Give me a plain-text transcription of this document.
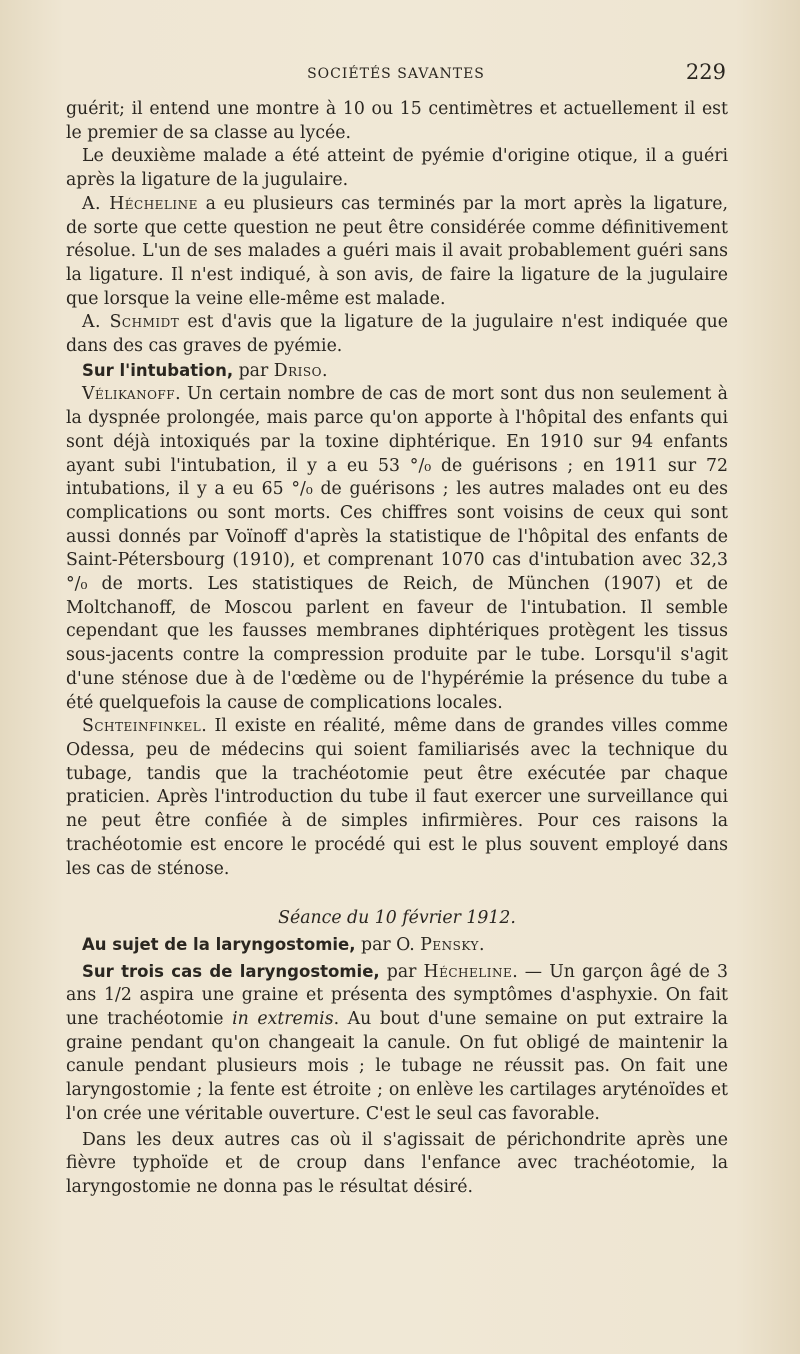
SOCIÉTÉS SAVANTES	229

guérit; il entend une montre à 10 ou 15 centimètres et actuellement il est le premier de sa classe au lycée.

Le deuxième malade a été atteint de pyémie d'origine otique, il a guéri après la ligature de la jugulaire.

A. Hécheline a eu plusieurs cas terminés par la mort après la ligature, de sorte que cette question ne peut être considérée comme définitivement résolue. L'un de ses malades a guéri mais il avait probablement guéri sans la ligature. Il n'est indiqué, à son avis, de faire la ligature de la jugulaire que lorsque la veine elle-même est malade.

A. Schmidt est d'avis que la ligature de la jugulaire n'est indiquée que dans des cas graves de pyémie.

Sur l'intubation, par Driso.

Vélikanoff. Un certain nombre de cas de mort sont dus non seulement à la dyspnée prolongée, mais parce qu'on apporte à l'hôpital des enfants qui sont déjà intoxiqués par la toxine diphtérique. En 1910 sur 94 enfants ayant subi l'intubation, il y a eu 53 °/₀ de guérisons ; en 1911 sur 72 intubations, il y a eu 65 °/₀ de guérisons ; les autres malades ont eu des complications ou sont morts. Ces chiffres sont voisins de ceux qui sont aussi donnés par Voïnoff d'après la statistique de l'hôpital des enfants de Saint-Pétersbourg (1910), et comprenant 1070 cas d'intubation avec 32,3 °/₀ de morts. Les statistiques de Reich, de München (1907) et de Moltchanoff, de Moscou parlent en faveur de l'intubation. Il semble cependant que les fausses membranes diphtériques protègent les tissus sous-jacents contre la compression produite par le tube. Lorsqu'il s'agit d'une sténose due à de l'œdème ou de l'hypérémie la présence du tube a été quelquefois la cause de complications locales.

Schteinfinkel. Il existe en réalité, même dans de grandes villes comme Odessa, peu de médecins qui soient familiarisés avec la technique du tubage, tandis que la trachéotomie peut être exécutée par chaque praticien. Après l'introduction du tube il faut exercer une surveillance qui ne peut être confiée à de simples infirmières. Pour ces raisons la trachéotomie est encore le procédé qui est le plus souvent employé dans les cas de sténose.

Séance du 10 février 1912.

Au sujet de la laryngostomie, par O. Pensky.

Sur trois cas de laryngostomie, par Hécheline. — Un garçon âgé de 3 ans 1/2 aspira une graine et présenta des symptômes d'asphyxie. On fait une trachéotomie in extremis. Au bout d'une semaine on put extraire la graine pendant qu'on changeait la canule. On fut obligé de maintenir la canule pendant plusieurs mois ; le tubage ne réussit pas. On fait une laryngostomie ; la fente est étroite ; on enlève les cartilages aryténoïdes et l'on crée une véritable ouverture. C'est le seul cas favorable.

Dans les deux autres cas où il s'agissait de périchondrite après une fièvre typhoïde et de croup dans l'enfance avec trachéotomie, la laryngostomie ne donna pas le résultat désiré.
